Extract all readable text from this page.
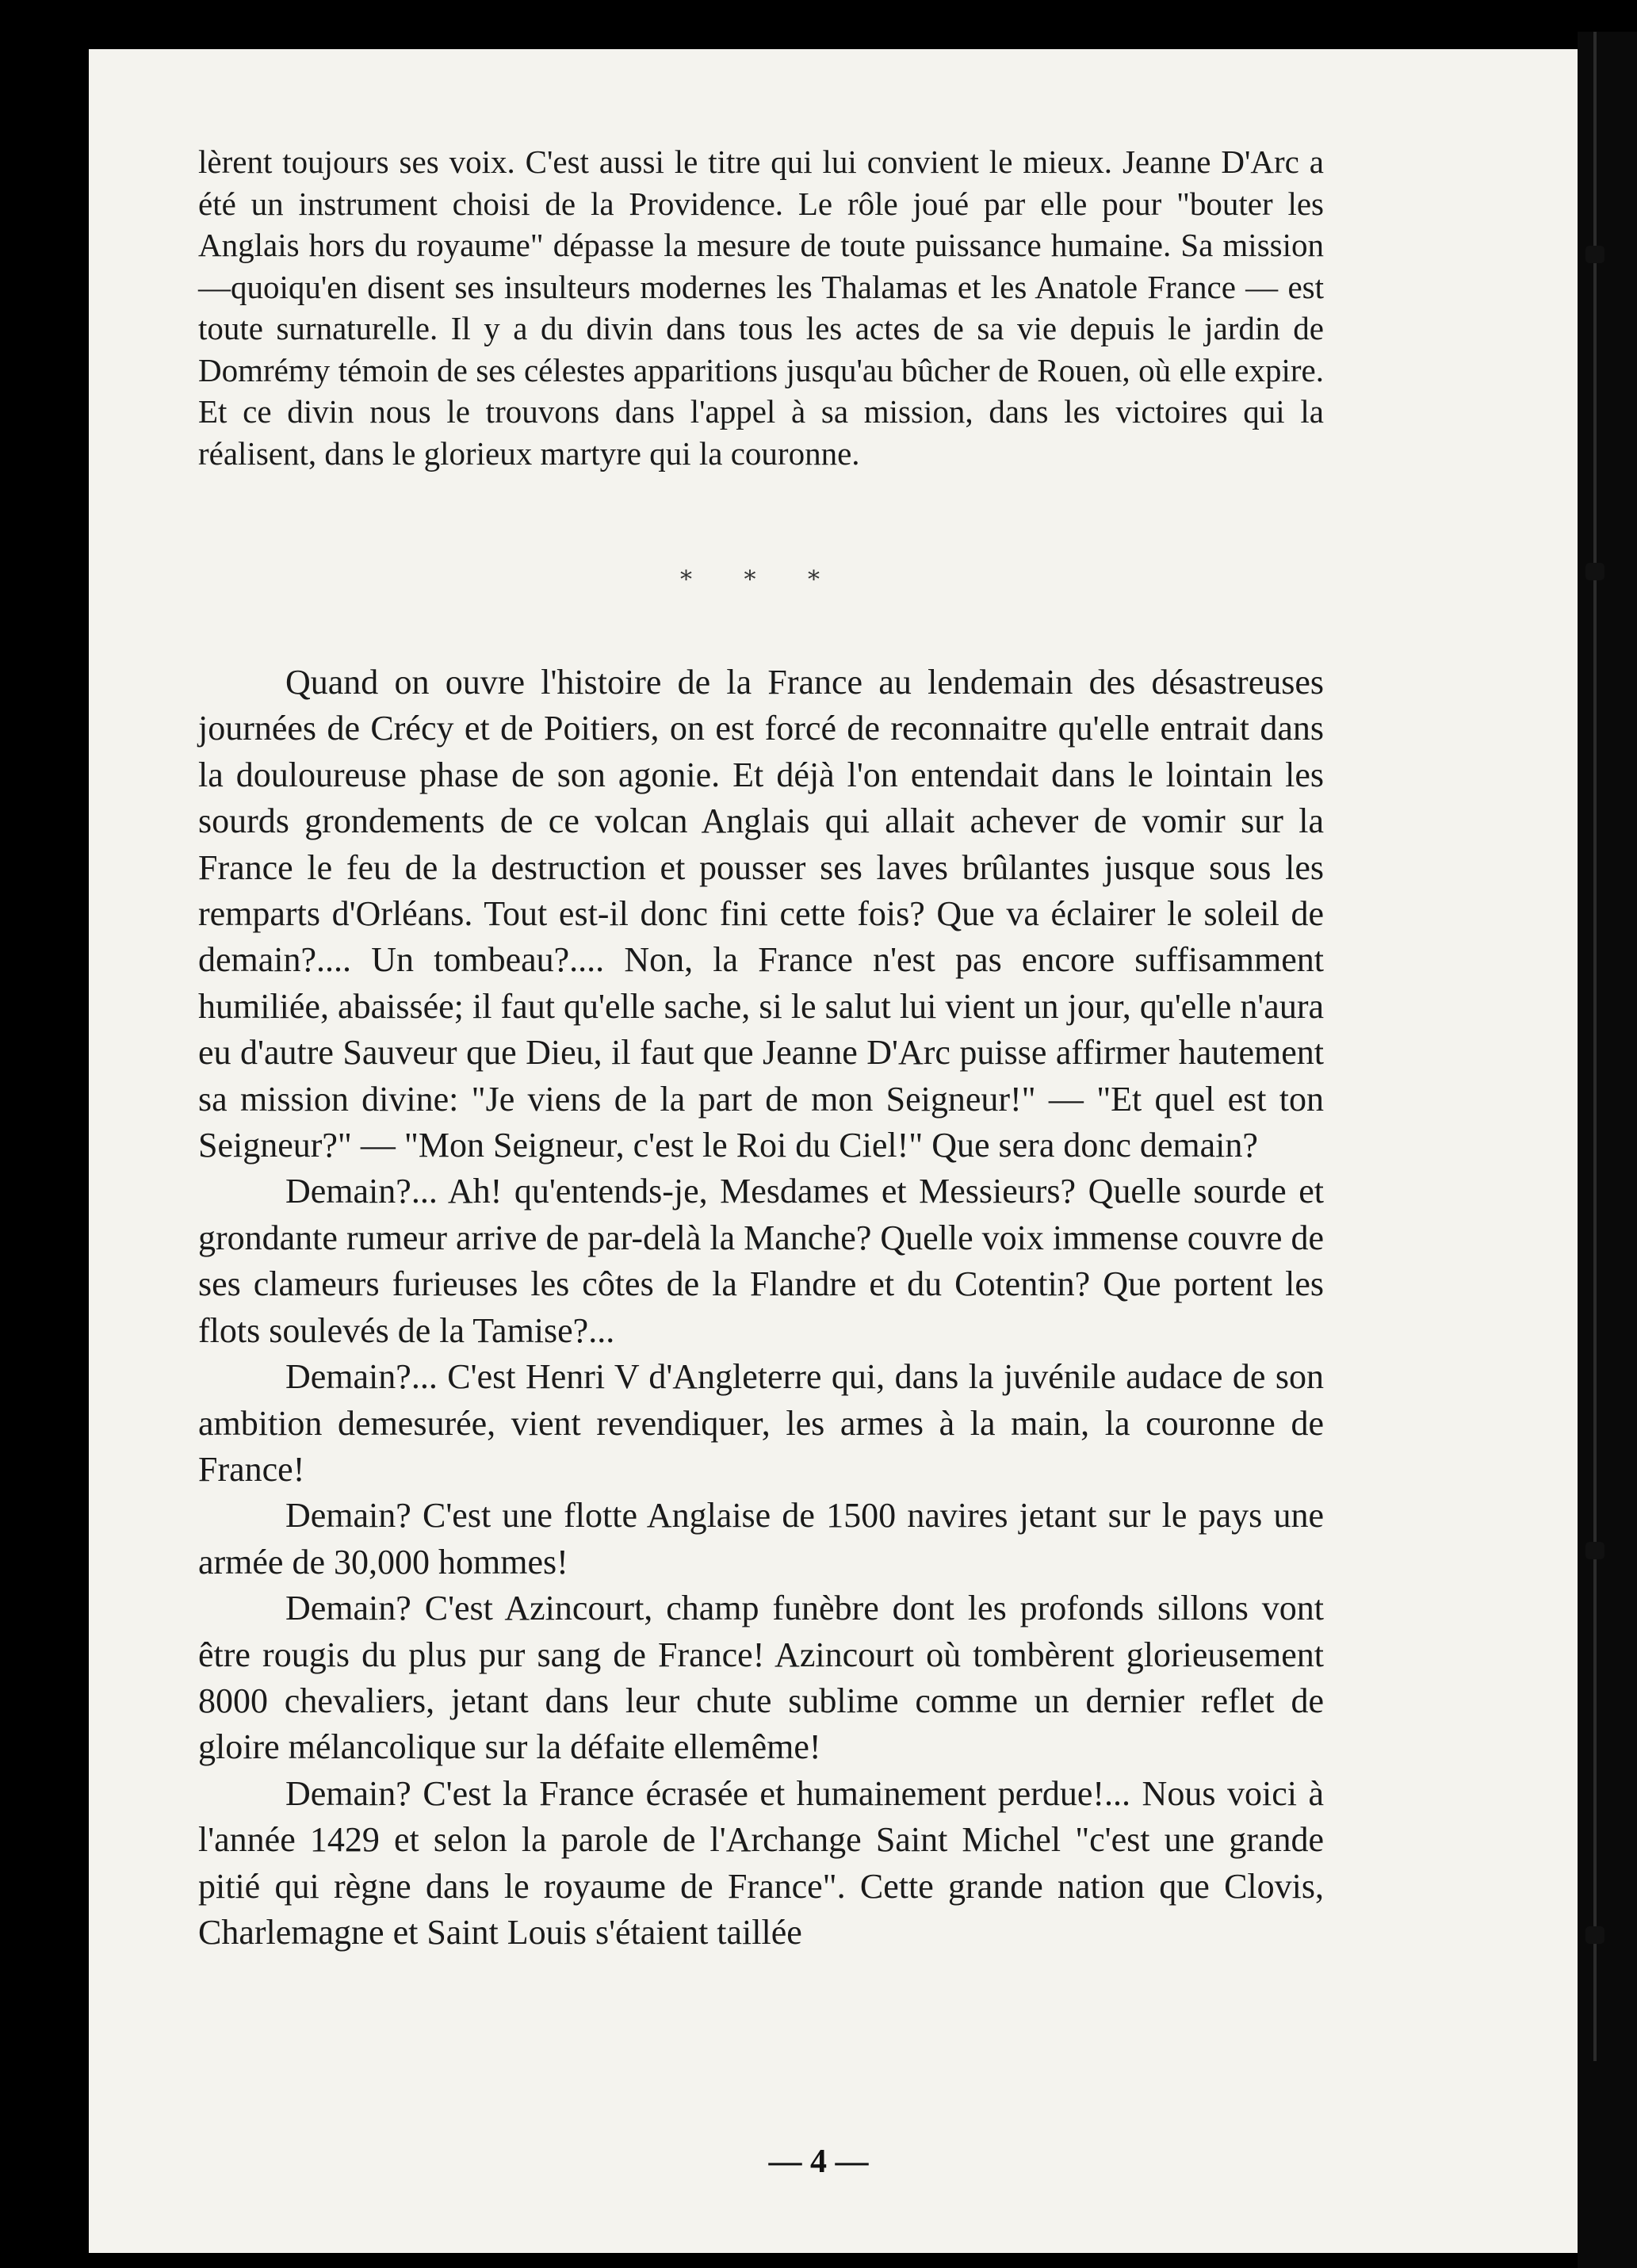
lèrent toujours ses voix. C'est aussi le titre qui lui convient le mieux. Jeanne D'Arc a été un instrument choisi de la Providence. Le rôle joué par elle pour "bouter les Anglais hors du royaume" dépasse la mesure de toute puissance humaine. Sa mission—quoiqu'en disent ses insulteurs modernes les Thalamas et les Anatole France — est toute surnaturelle. Il y a du divin dans tous les actes de sa vie depuis le jardin de Domrémy témoin de ses célestes apparitions jusqu'au bûcher de Rouen, où elle expire. Et ce divin nous le trouvons dans l'appel à sa mission, dans les victoires qui la réalisent, dans le glorieux martyre qui la couronne.

* * *

Quand on ouvre l'histoire de la France au lendemain des désastreuses journées de Crécy et de Poitiers, on est forcé de reconnaitre qu'elle entrait dans la douloureuse phase de son agonie. Et déjà l'on entendait dans le lointain les sourds grondements de ce volcan Anglais qui allait achever de vomir sur la France le feu de la destruction et pousser ses laves brûlantes jusque sous les remparts d'Orléans. Tout est-il donc fini cette fois? Que va éclairer le soleil de demain?.... Un tombeau?.... Non, la France n'est pas encore suffisamment humiliée, abaissée; il faut qu'elle sache, si le salut lui vient un jour, qu'elle n'aura eu d'autre Sauveur que Dieu, il faut que Jeanne D'Arc puisse affirmer hautement sa mission divine: "Je viens de la part de mon Seigneur!" — "Et quel est ton Seigneur?" — "Mon Seigneur, c'est le Roi du Ciel!" Que sera donc demain?

Demain?... Ah! qu'entends-je, Mesdames et Messieurs? Quelle sourde et grondante rumeur arrive de par-delà la Manche? Quelle voix immense couvre de ses clameurs furieuses les côtes de la Flandre et du Cotentin? Que portent les flots soulevés de la Tamise?...

Demain?... C'est Henri V d'Angleterre qui, dans la juvénile audace de son ambition demesurée, vient revendiquer, les armes à la main, la couronne de France!

Demain? C'est une flotte Anglaise de 1500 navires jetant sur le pays une armée de 30,000 hommes!

Demain? C'est Azincourt, champ funèbre dont les profonds sillons vont être rougis du plus pur sang de France! Azincourt où tombèrent glorieusement 8000 chevaliers, jetant dans leur chute sublime comme un dernier reflet de gloire mélancolique sur la défaite ellemême!

Demain? C'est la France écrasée et humainement perdue!... Nous voici à l'année 1429 et selon la parole de l'Archange Saint Michel "c'est une grande pitié qui règne dans le royaume de France". Cette grande nation que Clovis, Charlemagne et Saint Louis s'étaient taillée

— 4 —
